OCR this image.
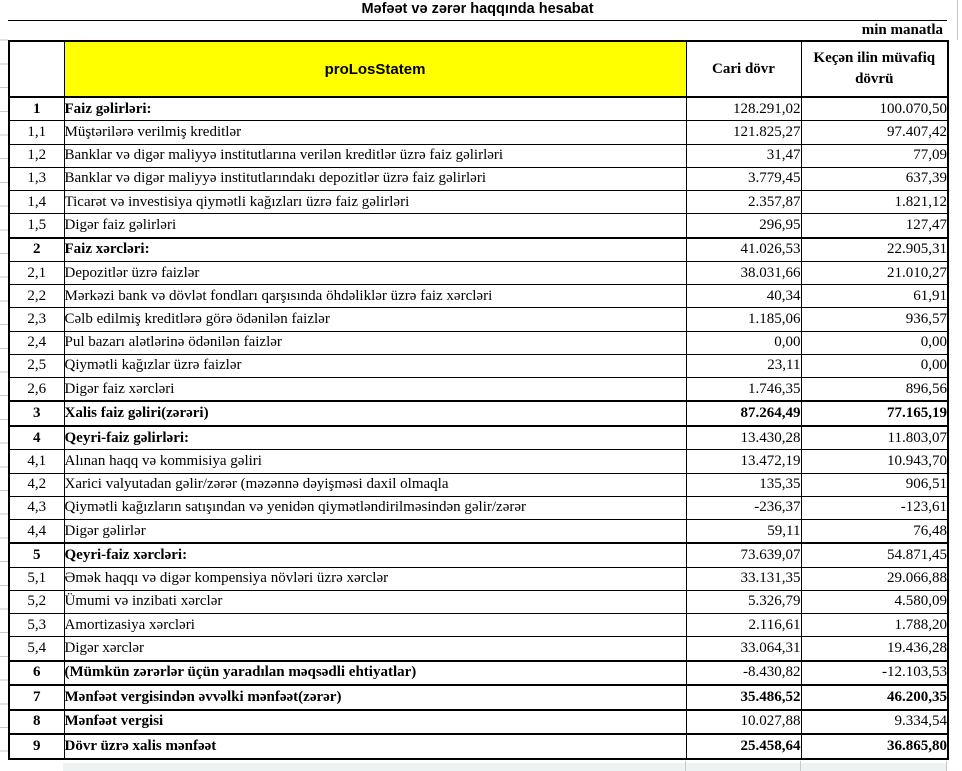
Məfəət və zərər haqqında hesabat
min manatla
	proLosStatem	Cari dövr	Keçən ilin müvafiq dövrü
1	Faiz gəlirləri:	128.291,02	100.070,50
1,1	Müştərilərə verilmiş kreditlər	121.825,27	97.407,42
1,2	Banklar və digər maliyyə institutlarına verilən kreditlər üzrə faiz gəlirləri	31,47	77,09
1,3	Banklar və digər maliyyə institutlarındakı depozitlər üzrə faiz gəlirləri	3.779,45	637,39
1,4	Ticarət və investisiya qiymətli kağızları üzrə faiz gəlirləri	2.357,87	1.821,12
1,5	Digər faiz gəlirləri	296,95	127,47
2	Faiz xərcləri:	41.026,53	22.905,31
2,1	Depozitlər üzrə faizlər	38.031,66	21.010,27
2,2	Mərkəzi bank və dövlət fondları qarşısında öhdəliklər üzrə faiz xərcləri	40,34	61,91
2,3	Cəlb edilmiş kreditlərə görə ödənilən faizlər	1.185,06	936,57
2,4	Pul bazarı alətlərinə ödənilən faizlər	0,00	0,00
2,5	Qiymətli kağızlar üzrə faizlər	23,11	0,00
2,6	Digər faiz xərcləri	1.746,35	896,56
3	Xalis faiz gəliri(zərəri)	87.264,49	77.165,19
4	Qeyri-faiz gəlirləri:	13.430,28	11.803,07
4,1	Alınan haqq və kommisiya gəliri	13.472,19	10.943,70
4,2	Xarici valyutadan gəlir/zərər (məzənnə dəyişməsi daxil olmaqla	135,35	906,51
4,3	Qiymətli kağızların satışından və yenidən qiymətləndirilməsindən gəlir/zərər	-236,37	-123,61
4,4	Digər gəlirlər	59,11	76,48
5	Qeyri-faiz xərcləri:	73.639,07	54.871,45
5,1	Əmək haqqı və digər kompensiya növləri üzrə xərclər	33.131,35	29.066,88
5,2	Ümumi və inzibati xərclər	5.326,79	4.580,09
5,3	Amortizasiya xərcləri	2.116,61	1.788,20
5,4	Digər xərclər	33.064,31	19.436,28
6	(Mümkün zərərlər üçün yaradılan məqsədli ehtiyatlar)	-8.430,82	-12.103,53
7	Mənfəət vergisindən əvvəlki mənfəət(zərər)	35.486,52	46.200,35
8	Mənfəət vergisi	10.027,88	9.334,54
9	Dövr üzrə xalis mənfəət	25.458,64	36.865,80
